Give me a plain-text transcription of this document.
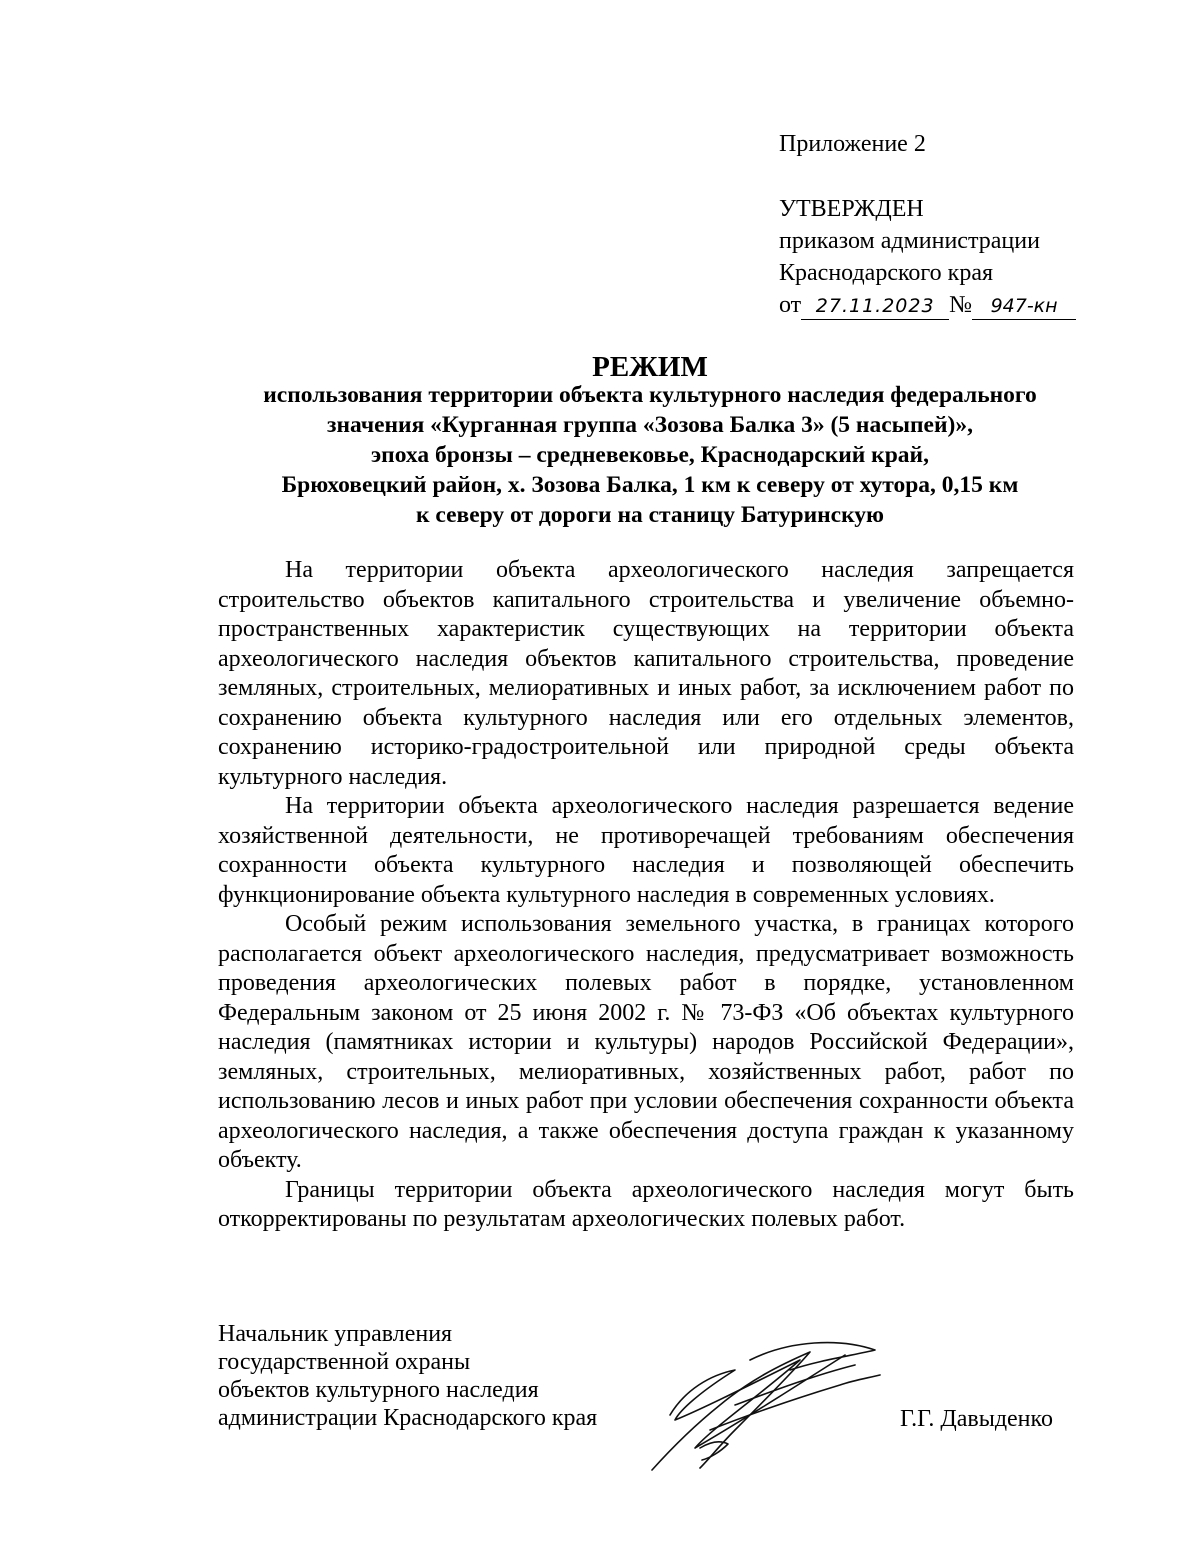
Приложение 2
УТВЕРЖДЕН
приказом администрации
Краснодарского края
от 27.11.2023 № 947-кн
РЕЖИМ
использования территории объекта культурного наследия федерального
значения «Курганная группа «Зозова Балка 3» (5 насыпей)»,
эпоха бронзы – средневековье, Краснодарский край,
Брюховецкий район, х. Зозова Балка, 1 км к северу от хутора, 0,15 км
к северу от дороги на станицу Батуринскую

На территории объекта археологического наследия запрещается строительство объектов капитального строительства и увеличение объемно-пространственных характеристик существующих на территории объекта археологического наследия объектов капитального строительства, проведение земляных, строительных, мелиоративных и иных работ, за исключением работ по сохранению объекта культурного наследия или его отдельных элементов, сохранению историко-градостроительной или природной среды объекта культурного наследия.

На территории объекта археологического наследия разрешается ведение хозяйственной деятельности, не противоречащей требованиям обеспечения сохранности объекта культурного наследия и позволяющей обеспечить функционирование объекта культурного наследия в современных условиях.

Особый режим использования земельного участка, в границах которого располагается объект археологического наследия, предусматривает возможность проведения археологических полевых работ в порядке, установленном Федеральным законом от 25 июня 2002 г. № 73-ФЗ «Об объектах культурного наследия (памятниках истории и культуры) народов Российской Федерации», земляных, строительных, мелиоративных, хозяйственных работ, работ по использованию лесов и иных работ при условии обеспечения сохранности объекта археологического наследия, а также обеспечения доступа граждан к указанному объекту.

Границы территории объекта археологического наследия могут быть откорректированы по результатам археологических полевых работ.

Начальник управления
государственной охраны
объектов культурного наследия
администрации Краснодарского края	Г.Г. Давыденко
